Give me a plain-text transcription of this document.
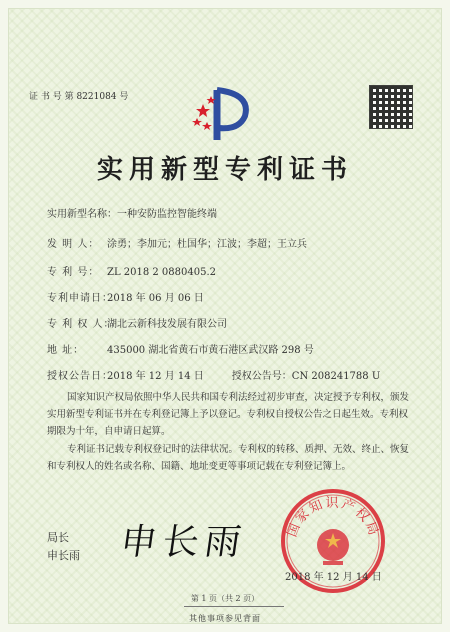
证 书 号 第 8221084 号
实用新型专利证书
实用新型名称：一种安防监控智能终端
发 明 人： 涂勇；李加元；杜国华；江波；李超；王立兵
专 利 号： ZL 2018 2 0880405.2
专利申请日：2018 年 06 月 06 日
专 利 权 人：湖北云新科技发展有限公司
地 址： 435000 湖北省黄石市黄石港区武汉路 298 号
授权公告日：2018 年 12 月 14 日	授权公告号：CN 208241788 U
国家知识产权局依照中华人民共和国专利法经过初步审查，决定授予专利权，颁发实用新型专利证书并在专利登记簿上予以登记。专利权自授权公告之日起生效。专利权期限为十年，自申请日起算。
专利证书记载专利权登记时的法律状况。专利权的转移、质押、无效、终止、恢复和专利权人的姓名或名称、国籍、地址变更等事项记载在专利登记簿上。
局长
申长雨 申长雨	国家知识产权局
2018 年 12 月 14 日
第 1 页（共 2 页）
其他事项参见背面
